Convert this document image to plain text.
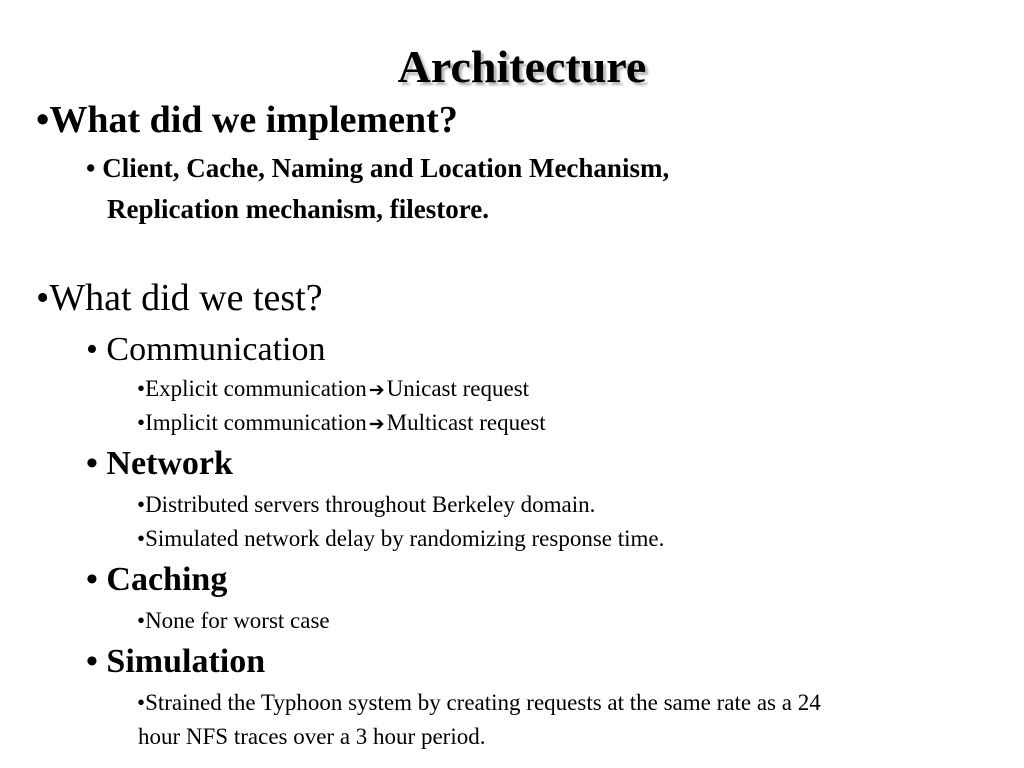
Architecture

•What did we implement?

• Client, Cache, Naming and Location Mechanism,

Replication mechanism, filestore.

•What did we test?

• Communication

•Explicit communication ➔Unicast request

•Implicit communication ➔Multicast request

• Network

•Distributed servers throughout Berkeley domain.

•Simulated network delay by randomizing response time.

• Caching

•None for worst case

• Simulation

•Strained the Typhoon system by creating requests at the same rate as a 24

hour NFS traces over a 3 hour period.
